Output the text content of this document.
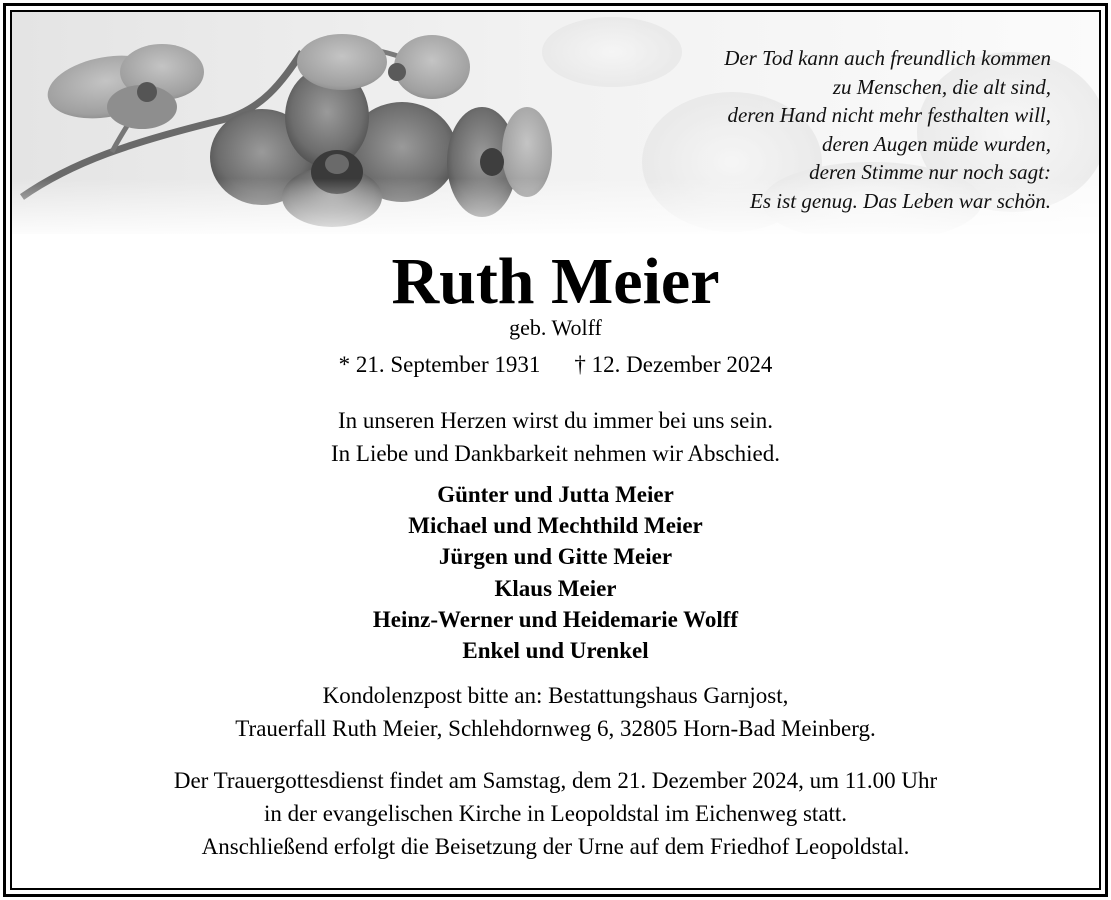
Der Tod kann auch freundlich kommen
zu Menschen, die alt sind,
deren Hand nicht mehr festhalten will,
deren Augen müde wurden,
deren Stimme nur noch sagt:
Es ist genug. Das Leben war schön.
Ruth Meier
geb. Wolff
* 21. September 1931 † 12. Dezember 2024
In unseren Herzen wirst du immer bei uns sein.
In Liebe und Dankbarkeit nehmen wir Abschied.
Günter und Jutta Meier
Michael und Mechthild Meier
Jürgen und Gitte Meier
Klaus Meier
Heinz-Werner und Heidemarie Wolff
Enkel und Urenkel
Kondolenzpost bitte an: Bestattungshaus Garnjost,
Trauerfall Ruth Meier, Schlehdornweg 6, 32805 Horn-Bad Meinberg.
Der Trauergottesdienst findet am Samstag, dem 21. Dezember 2024, um 11.00 Uhr
in der evangelischen Kirche in Leopoldstal im Eichenweg statt.
Anschließend erfolgt die Beisetzung der Urne auf dem Friedhof Leopoldstal.
